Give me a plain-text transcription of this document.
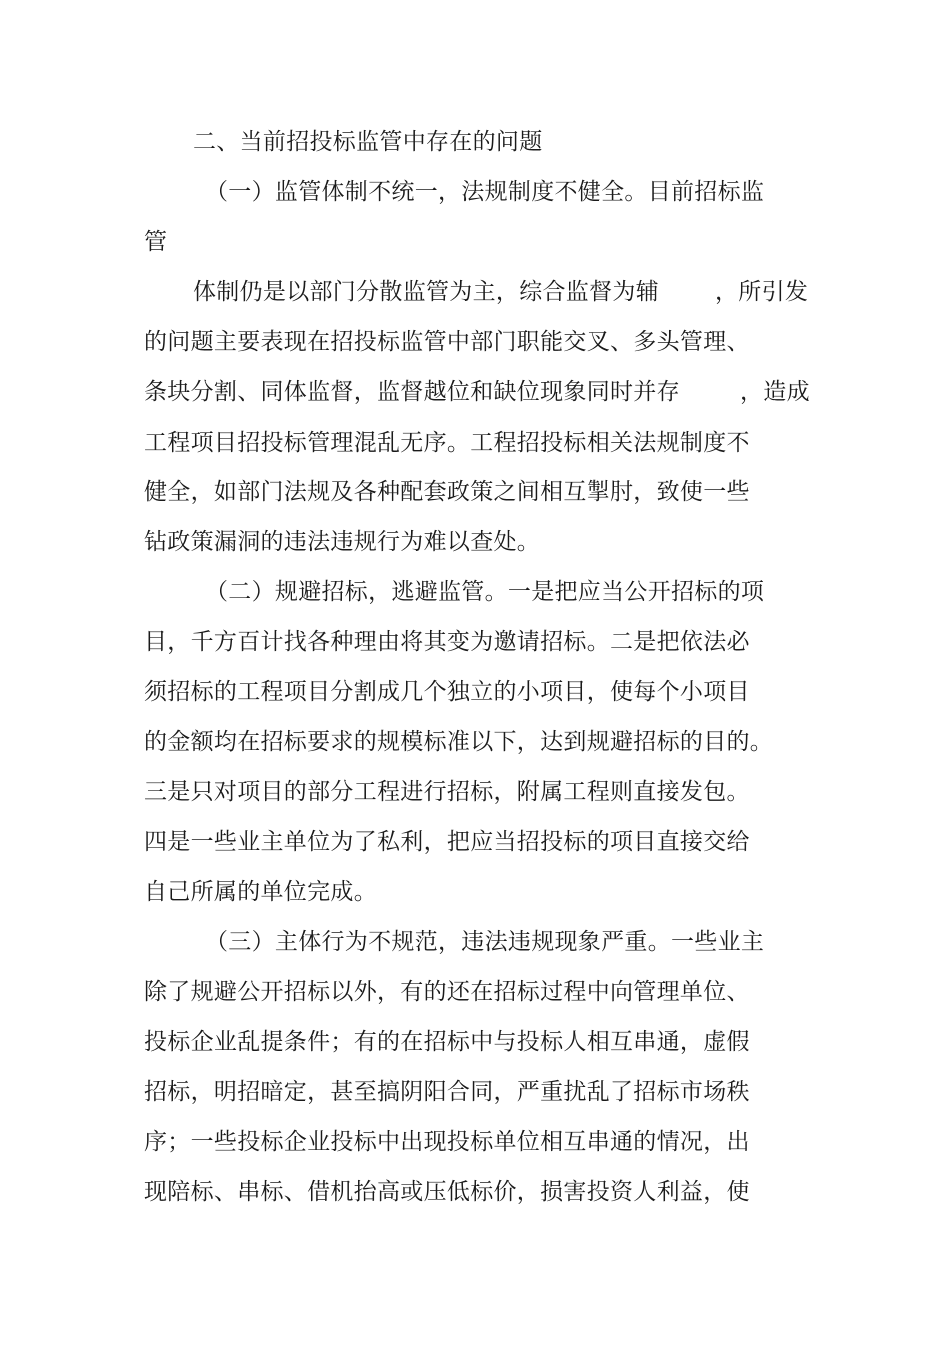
二、当前招投标监管中存在的问题
（一）监管体制不统一，法规制度不健全。目前招标监
管
体制仍是以部门分散监管为主，综合监督为辅 ，所引发
的问题主要表现在招投标监管中部门职能交叉、多头管理、
条块分割、同体监督，监督越位和缺位现象同时并存	，造成
工程项目招投标管理混乱无序。工程招投标相关法规制度不
健全，如部门法规及各种配套政策之间相互掣肘，致使一些
钻政策漏洞的违法违规行为难以查处。
（二）规避招标，逃避监管。一是把应当公开招标的项
目，千方百计找各种理由将其变为邀请招标。二是把依法必
须招标的工程项目分割成几个独立的小项目，使每个小项目
的金额均在招标要求的规模标准以下，达到规避招标的目的。
三是只对项目的部分工程进行招标，附属工程则直接发包。
四是一些业主单位为了私利，把应当招投标的项目直接交给
自己所属的单位完成。
（三）主体行为不规范，违法违规现象严重。一些业主
除了规避公开招标以外，有的还在招标过程中向管理单位、
投标企业乱提条件；有的在招标中与投标人相互串通，虚假
招标，明招暗定，甚至搞阴阳合同，严重扰乱了招标市场秩
序；一些投标企业投标中出现投标单位相互串通的情况，出
现陪标、串标、借机抬高或压低标价，损害投资人利益，使
